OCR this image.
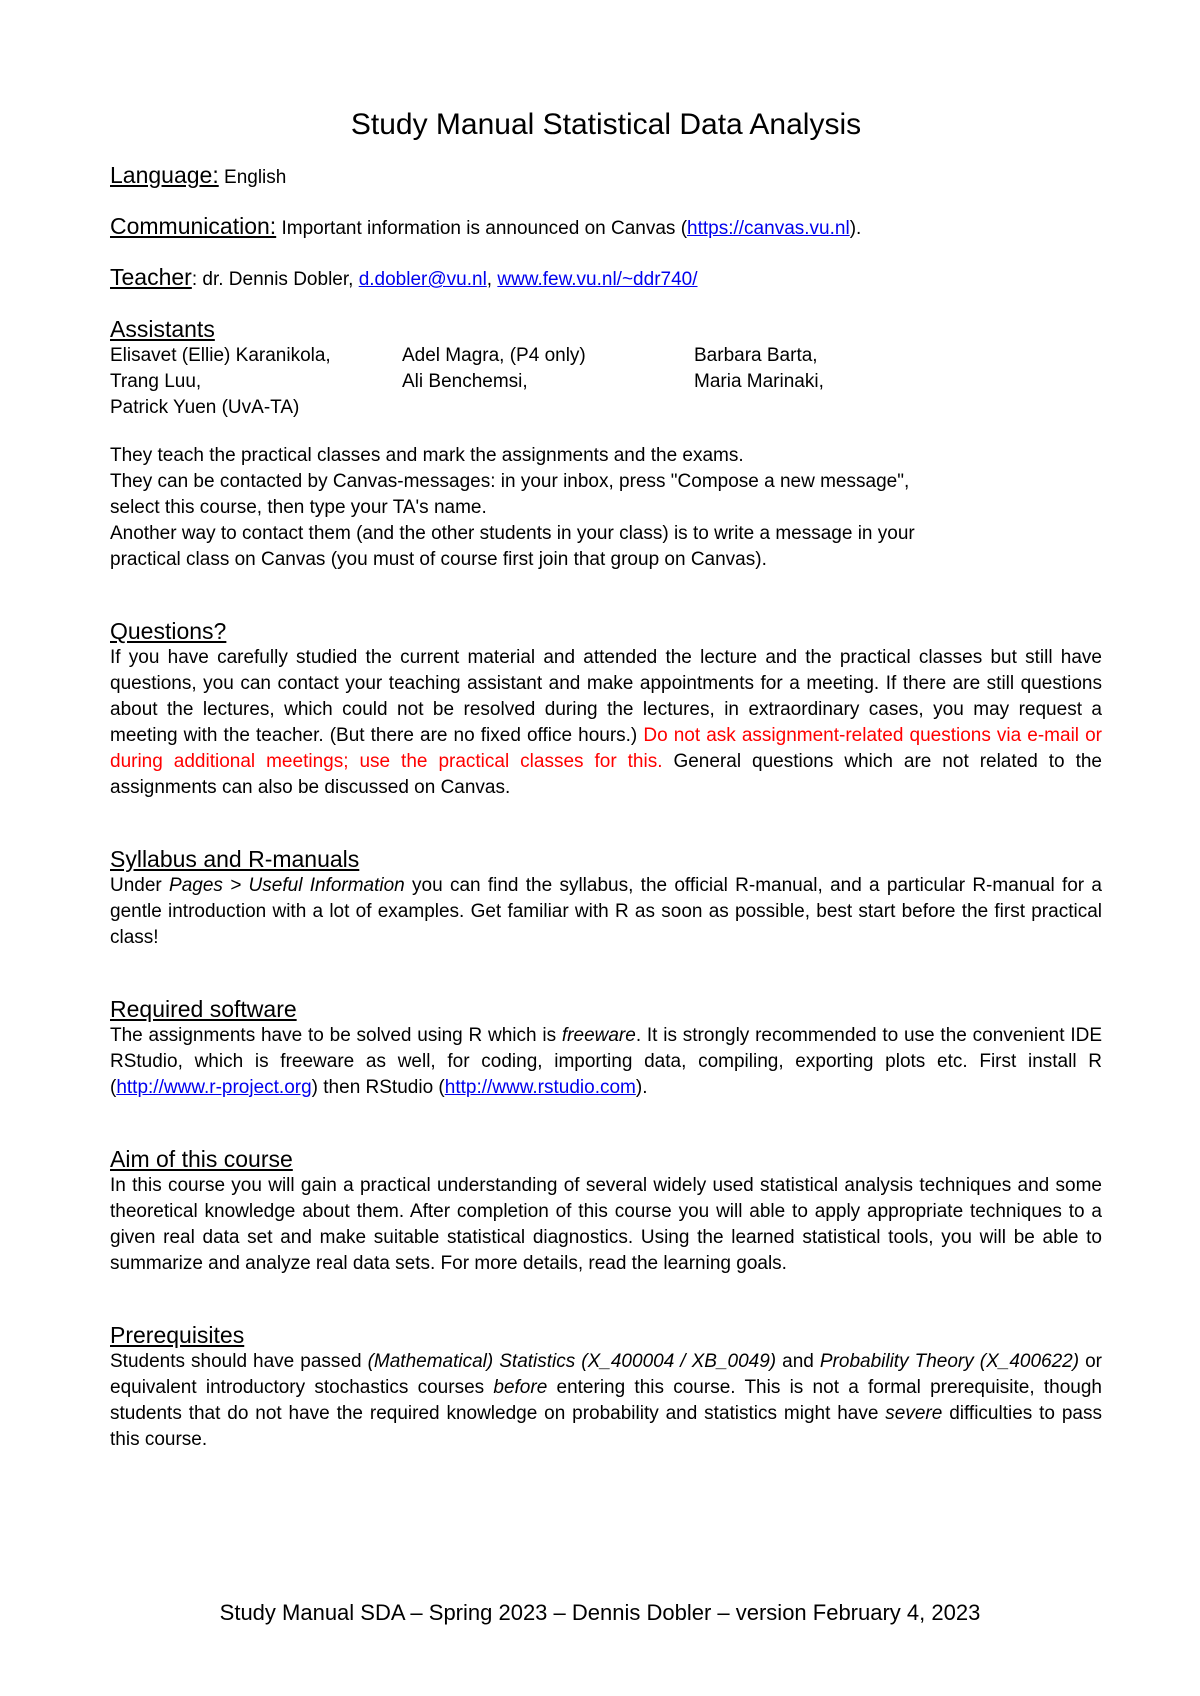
Study Manual Statistical Data Analysis

Language: English

Communication: Important information is announced on Canvas (https://canvas.vu.nl).

Teacher: dr. Dennis Dobler, d.dobler@vu.nl, www.few.vu.nl/~ddr740/

Assistants

Elisavet (Ellie) Karanikola,	Adel Magra, (P4 only)	Barbara Barta,
Trang Luu,	Ali Benchemsi,	Maria Marinaki,
Patrick Yuen (UvA-TA)

They teach the practical classes and mark the assignments and the exams.

They can be contacted by Canvas-messages: in your inbox, press "Compose a new message",

select this course, then type your TA's name.

Another way to contact them (and the other students in your class) is to write a message in your

practical class on Canvas (you must of course first join that group on Canvas).

Questions?

If you have carefully studied the current material and attended the lecture and the practical classes but still have questions, you can contact your teaching assistant and make appointments for a meeting. If there are still questions about the lectures, which could not be resolved during the lectures, in extraordinary cases, you may request a meeting with the teacher. (But there are no fixed office hours.) Do not ask assignment-related questions via e-mail or during additional meetings; use the practical classes for this. General questions which are not related to the assignments can also be discussed on Canvas.

Syllabus and R-manuals

Under Pages > Useful Information you can find the syllabus, the official R-manual, and a particular R-manual for a gentle introduction with a lot of examples. Get familiar with R as soon as possible, best start before the first practical class!

Required software

The assignments have to be solved using R which is freeware. It is strongly recommended to use the convenient IDE RStudio, which is freeware as well, for coding, importing data, compiling, exporting plots etc. First install R (http://www.r-project.org) then RStudio (http://www.rstudio.com).

Aim of this course

In this course you will gain a practical understanding of several widely used statistical analysis techniques and some theoretical knowledge about them. After completion of this course you will able to apply appropriate techniques to a given real data set and make suitable statistical diagnostics. Using the learned statistical tools, you will be able to summarize and analyze real data sets. For more details, read the learning goals.

Prerequisites

Students should have passed (Mathematical) Statistics (X_400004 / XB_0049) and Probability Theory (X_400622) or equivalent introductory stochastics courses before entering this course. This is not a formal prerequisite, though students that do not have the required knowledge on probability and statistics might have severe difficulties to pass this course.

Study Manual SDA – Spring 2023 – Dennis Dobler – version February 4, 2023
